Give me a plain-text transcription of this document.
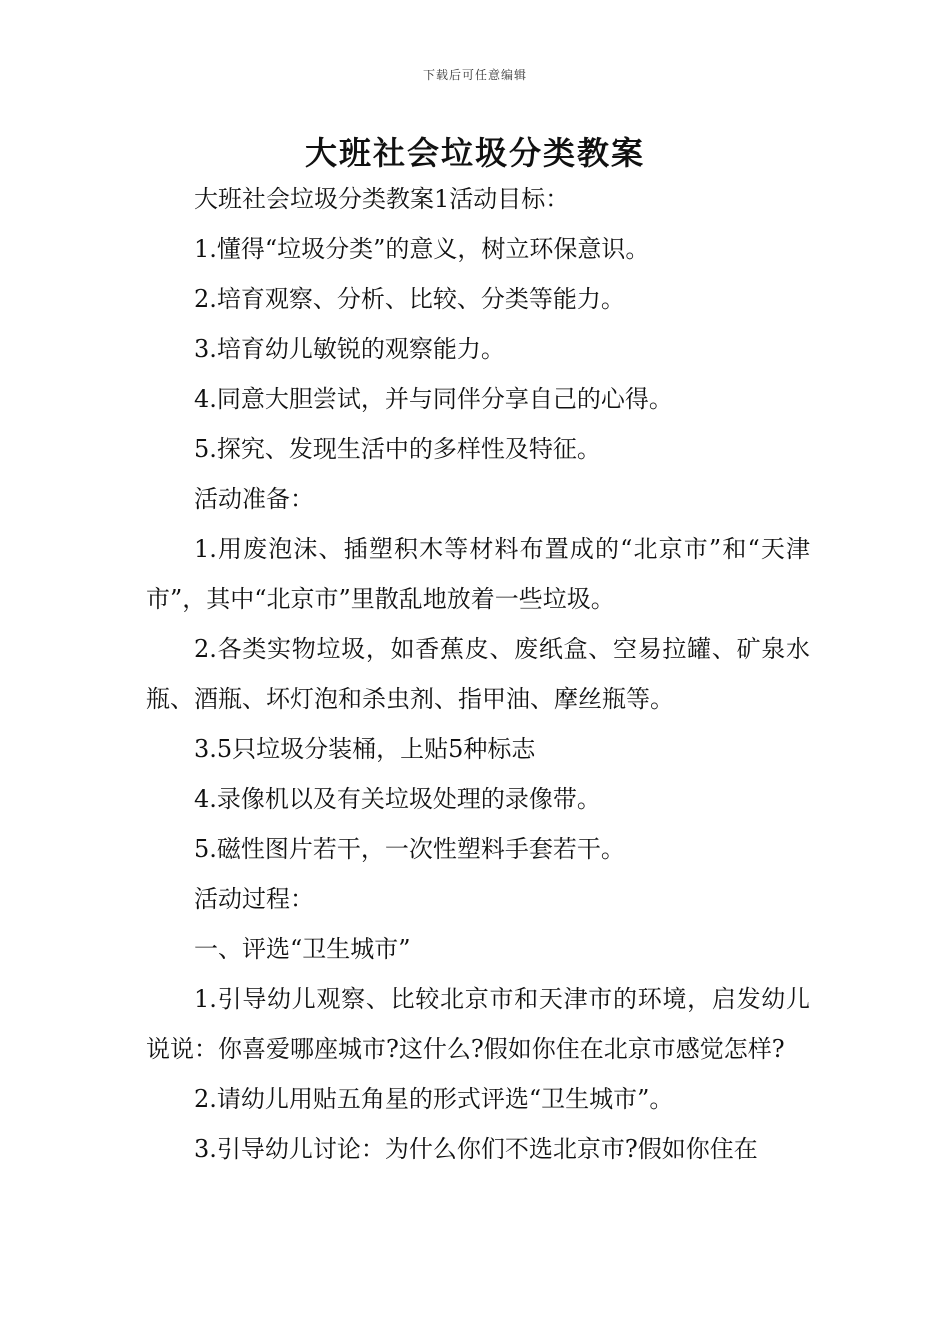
下载后可任意编辑
大班社会垃圾分类教案

大班社会垃圾分类教案1活动目标：

1.懂得“垃圾分类”的意义，树立环保意识。

2.培育观察、分析、比较、分类等能力。

3.培育幼儿敏锐的观察能力。

4.同意大胆尝试，并与同伴分享自己的心得。

5.探究、发现生活中的多样性及特征。

活动准备：

1.用废泡沫、插塑积木等材料布置成的“北京市”和“天津市”，其中“北京市”里散乱地放着一些垃圾。

2.各类实物垃圾，如香蕉皮、废纸盒、空易拉罐、矿泉水瓶、酒瓶、坏灯泡和杀虫剂、指甲油、摩丝瓶等。

3.5只垃圾分装桶，上贴5种标志

4.录像机以及有关垃圾处理的录像带。

5.磁性图片若干，一次性塑料手套若干。

活动过程：

一、评选“卫生城市”

1.引导幼儿观察、比较北京市和天津市的环境，启发幼儿说说：你喜爱哪座城市?这什么?假如你住在北京市感觉怎样?

2.请幼儿用贴五角星的形式评选“卫生城市”。

3.引导幼儿讨论：为什么你们不选北京市?假如你住在
